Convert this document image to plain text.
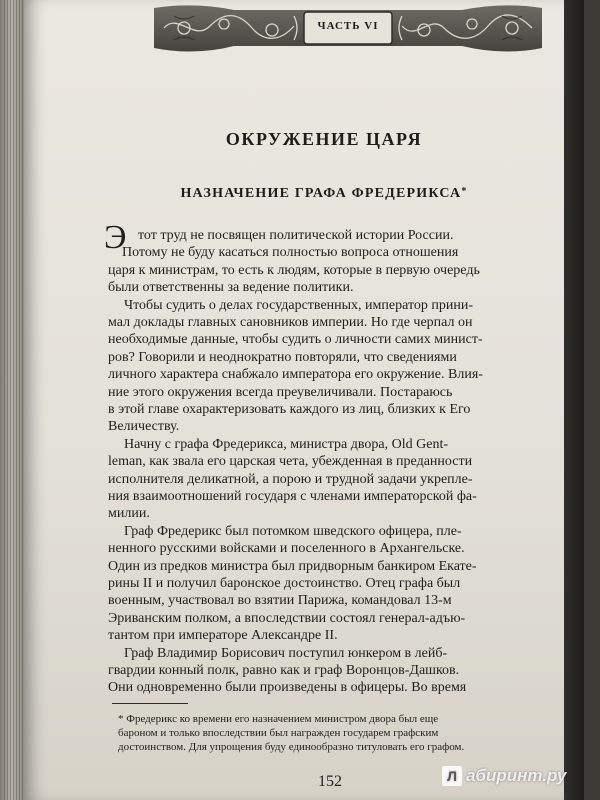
ЧАСТЬ VI
ОКРУЖЕНИЕ ЦАРЯ
НАЗНАЧЕНИЕ ГРАФА ФРЕДЕРИКСА*
Э тот труд не посвящен политической истории России.
Потому не буду касаться полностью вопроса отношения
царя к министрам, то есть к людям, которые в первую очередь
были ответственны за ведение политики.
Чтобы судить о делах государственных, император прини-
мал доклады главных сановников империи. Но где черпал он
необходимые данные, чтобы судить о личности самих минист-
ров? Говорили и неоднократно повторяли, что сведениями
личного характера снабжало императора его окружение. Влия-
ние этого окружения всегда преувеличивали. Постараюсь
в этой главе охарактеризовать каждого из лиц, близких к Его
Величеству.
Начну с графа Фредерикса, министра двора, Old Gent-
leman, как звала его царская чета, убежденная в преданности
исполнителя деликатной, а порою и трудной задачи укрепле-
ния взаимоотношений государя с членами императорской фа-
милии.
Граф Фредерикс был потомком шведского офицера, пле-
ненного русскими войсками и поселенного в Архангельске.
Один из предков министра был придворным банкиром Екате-
рины II и получил баронское достоинство. Отец графа был
военным, участвовал во взятии Парижа, командовал 13-м
Эриванским полком, а впоследствии состоял генерал-адъю-
тантом при императоре Александре II.
Граф Владимир Борисович поступил юнкером в лейб-
гвардии конный полк, равно как и граф Воронцов-Дашков.
Они одновременно были произведены в офицеры. Во время
* Фредерикс ко времени его назначением министром двора был еще
бароном и только впоследствии был награжден государем графским
достоинством. Для упрощения буду единообразно титуловать его графом.
152	Л абиринт.ру
